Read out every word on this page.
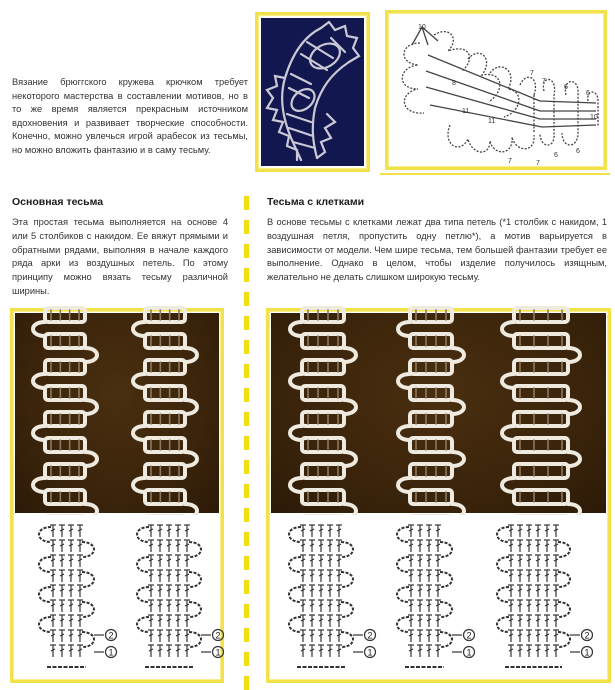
Вязание брюггского кружева крючком требует некоторого мастерства в составлении мотивов, но в то же время является прекрасным источником вдохновения и развивает творческие способности. Конечно, можно увлечься игрой арабесок из тесьмы, но можно вложить фантазию и в саму тесьму.

10
8
7
7
6
6
6
6
7
7
11
11
10
Основная тесьма

Эта простая тесьма выполняется на основе 4 или 5 столбиков с накидом. Ее вяжут прямыми и обратными рядами, выполняя в начале каждого ряда арки из воздушных петель. По этому принципу можно вязать тесьму различной ширины.

Тесьма с клетками

В основе тесьмы с клетками лежат два типа петель (*1 столбик с накидом, 1 воздушная петля, пропустить одну петлю*), а мотив варьируется в зависимости от модели. Чем шире тесьма, тем большей фантазии требует ее выполнение. Однако в целом, чтобы изделие получилось изящным, желательно не делать слишком широкую тесьму.

2
1
2
1
2
1
2
1
2
1
